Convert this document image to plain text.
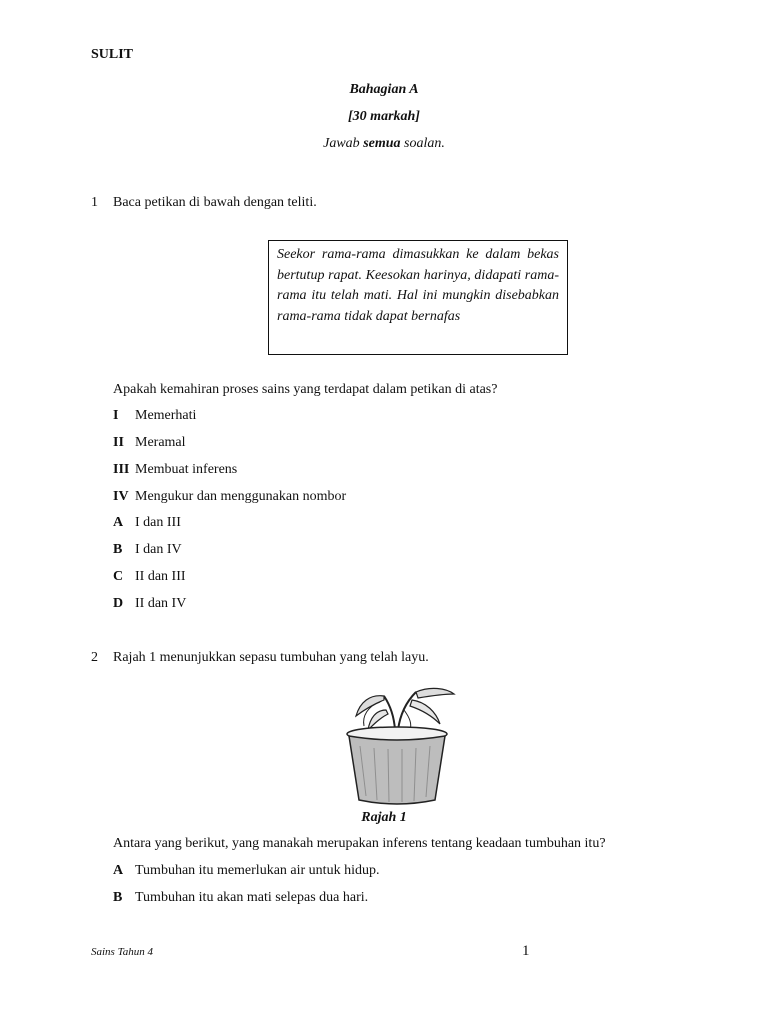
SULIT
Bahagian A
[30 markah]
Jawab semua soalan.
1 Baca petikan di bawah dengan teliti.
Seekor rama-rama dimasukkan ke dalam bekas bertutup rapat. Keesokan harinya, didapati rama-rama itu telah mati. Hal ini mungkin disebabkan rama-rama tidak dapat bernafas
Apakah kemahiran proses sains yang terdapat dalam petikan di atas?
I	Memerhati
II Meramal
III Membuat inferens
IV Mengukur dan menggunakan nombor
A I dan III
B I dan IV
C II dan III
D II dan IV
2 Rajah 1 menunjukkan sepasu tumbuhan yang telah layu.
Rajah 1
Antara yang berikut, yang manakah merupakan inferens tentang keadaan tumbuhan itu?
A Tumbuhan itu memerlukan air untuk hidup.
B Tumbuhan itu akan mati selepas dua hari.
Sains Tahun 4	1
